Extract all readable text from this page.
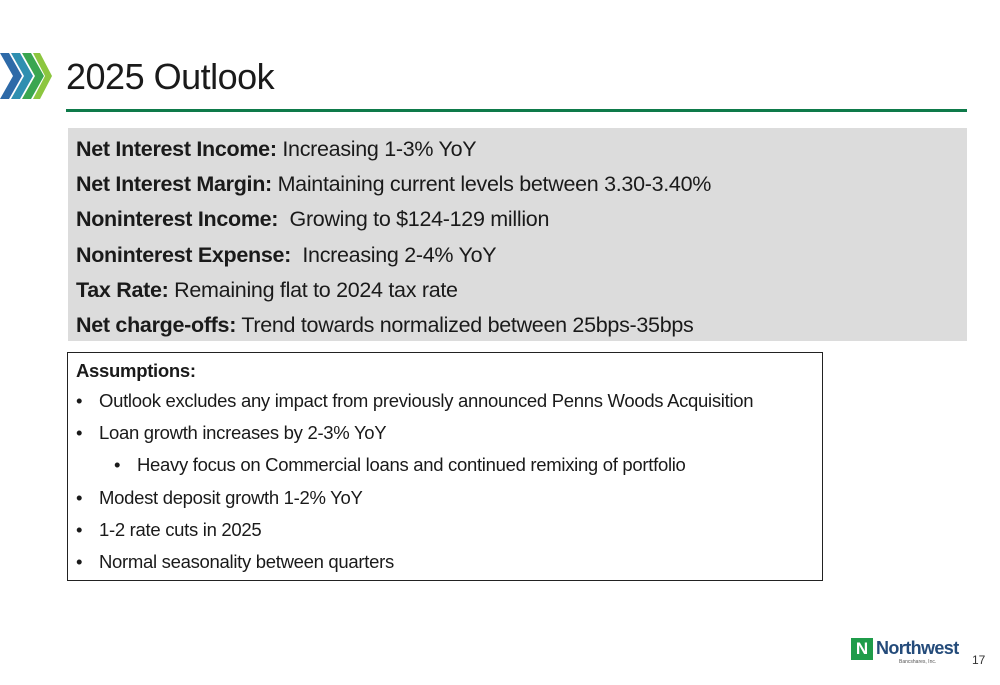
2025 Outlook
Net Interest Income: Increasing 1-3% YoY
Net Interest Margin: Maintaining current levels between 3.30-3.40%
Noninterest Income:  Growing to $124-129 million
Noninterest Expense:  Increasing 2-4% YoY
Tax Rate: Remaining flat to 2024 tax rate
Net charge-offs: Trend towards normalized between 25bps-35bps
Assumptions:
• Outlook excludes any impact from previously announced Penns Woods Acquisition
• Loan growth increases by 2-3% YoY
• Heavy focus on Commercial loans and continued remixing of portfolio
• Modest deposit growth 1-2% YoY
• 1-2 rate cuts in 2025
• Normal seasonality between quarters
N Northwest
Bancshares, Inc.	17
